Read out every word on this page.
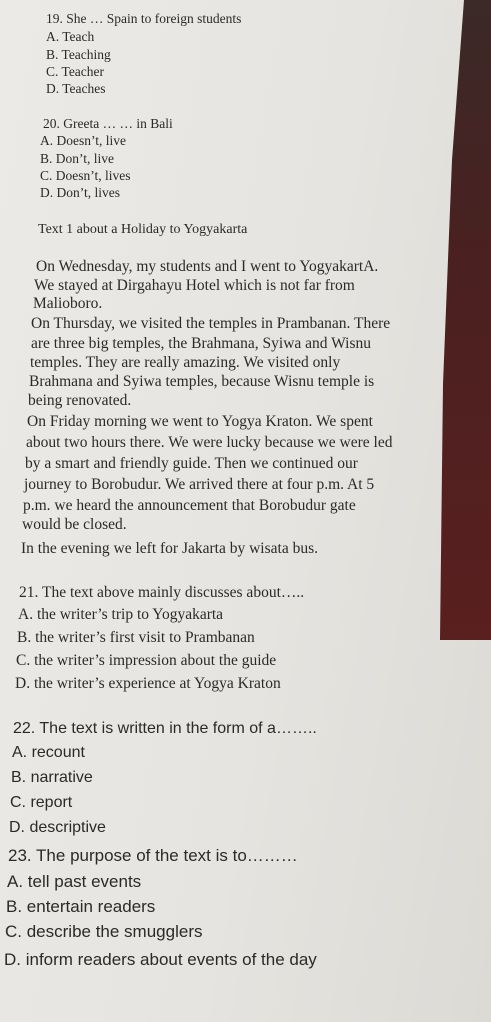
19. She … Spain to foreign students

A. Teach

B. Teaching

C. Teacher

D. Teaches

20. Greeta … … in Bali

A. Doesn’t, live

B. Don’t, live

C. Doesn’t, lives

D. Don’t, lives

Text 1 about a Holiday to Yogyakarta

On Wednesday, my students and I went to YogyakartA.

We stayed at Dirgahayu Hotel which is not far from

Malioboro.

On Thursday, we visited the temples in Prambanan. There

are three big temples, the Brahmana, Syiwa and Wisnu

temples. They are really amazing. We visited only

Brahmana and Syiwa temples, because Wisnu temple is

being renovated.

On Friday morning we went to Yogya Kraton. We spent

about two hours there. We were lucky because we were led

by a smart and friendly guide. Then we continued our

journey to Borobudur. We arrived there at four p.m. At 5

p.m. we heard the announcement that Borobudur gate

would be closed.

In the evening we left for Jakarta by wisata bus.

21. The text above mainly discusses about…..

A. the writer’s trip to Yogyakarta

B. the writer’s first visit to Prambanan

C. the writer’s impression about the guide

D. the writer’s experience at Yogya Kraton

22. The text is written in the form of a……..

A. recount

B. narrative

C. report

D. descriptive

23. The purpose of the text is to………

A. tell past events

B. entertain readers

C. describe the smugglers

D. inform readers about events of the day
